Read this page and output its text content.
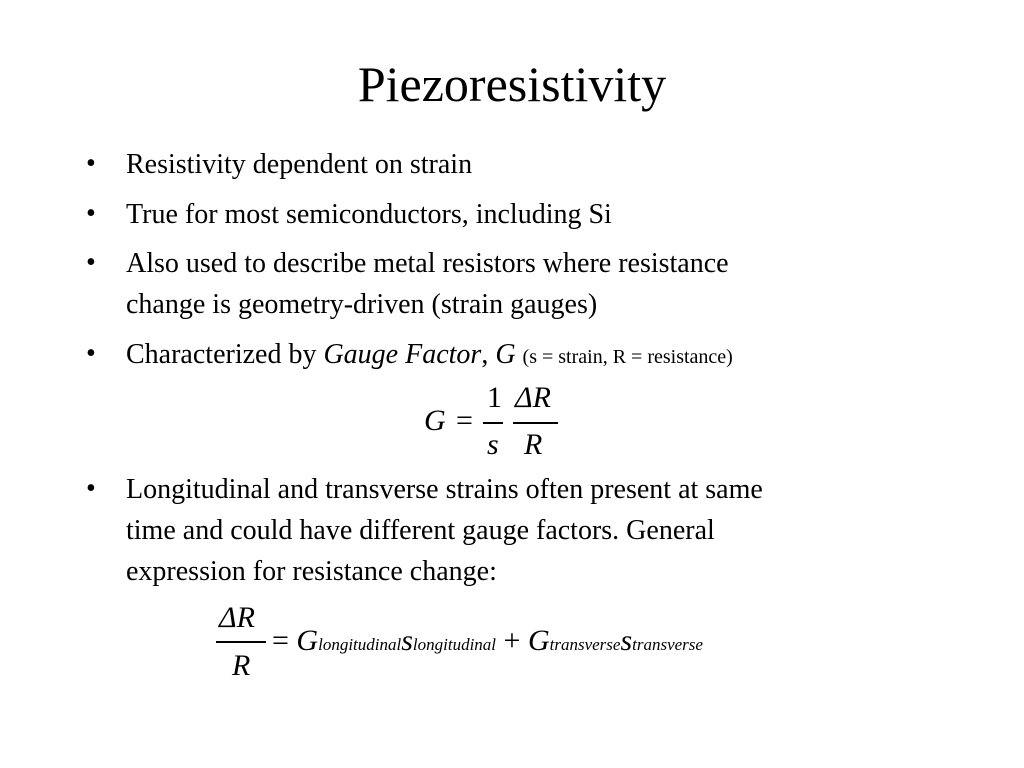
Piezoresistivity
• Resistivity dependent on strain
• True for most semiconductors, including Si
• Also used to describe metal resistors where resistance
change is geometry-driven (strain gauges)
• Characterized by Gauge Factor, G (s = strain, R = resistance)
G =
1
s
ΔR
R
• Longitudinal and transverse strains often present at same
time and could have different gauge factors. General
expression for resistance change:
ΔR
R
= Glongitudinalslongitudinal + Gtransversestransverse
